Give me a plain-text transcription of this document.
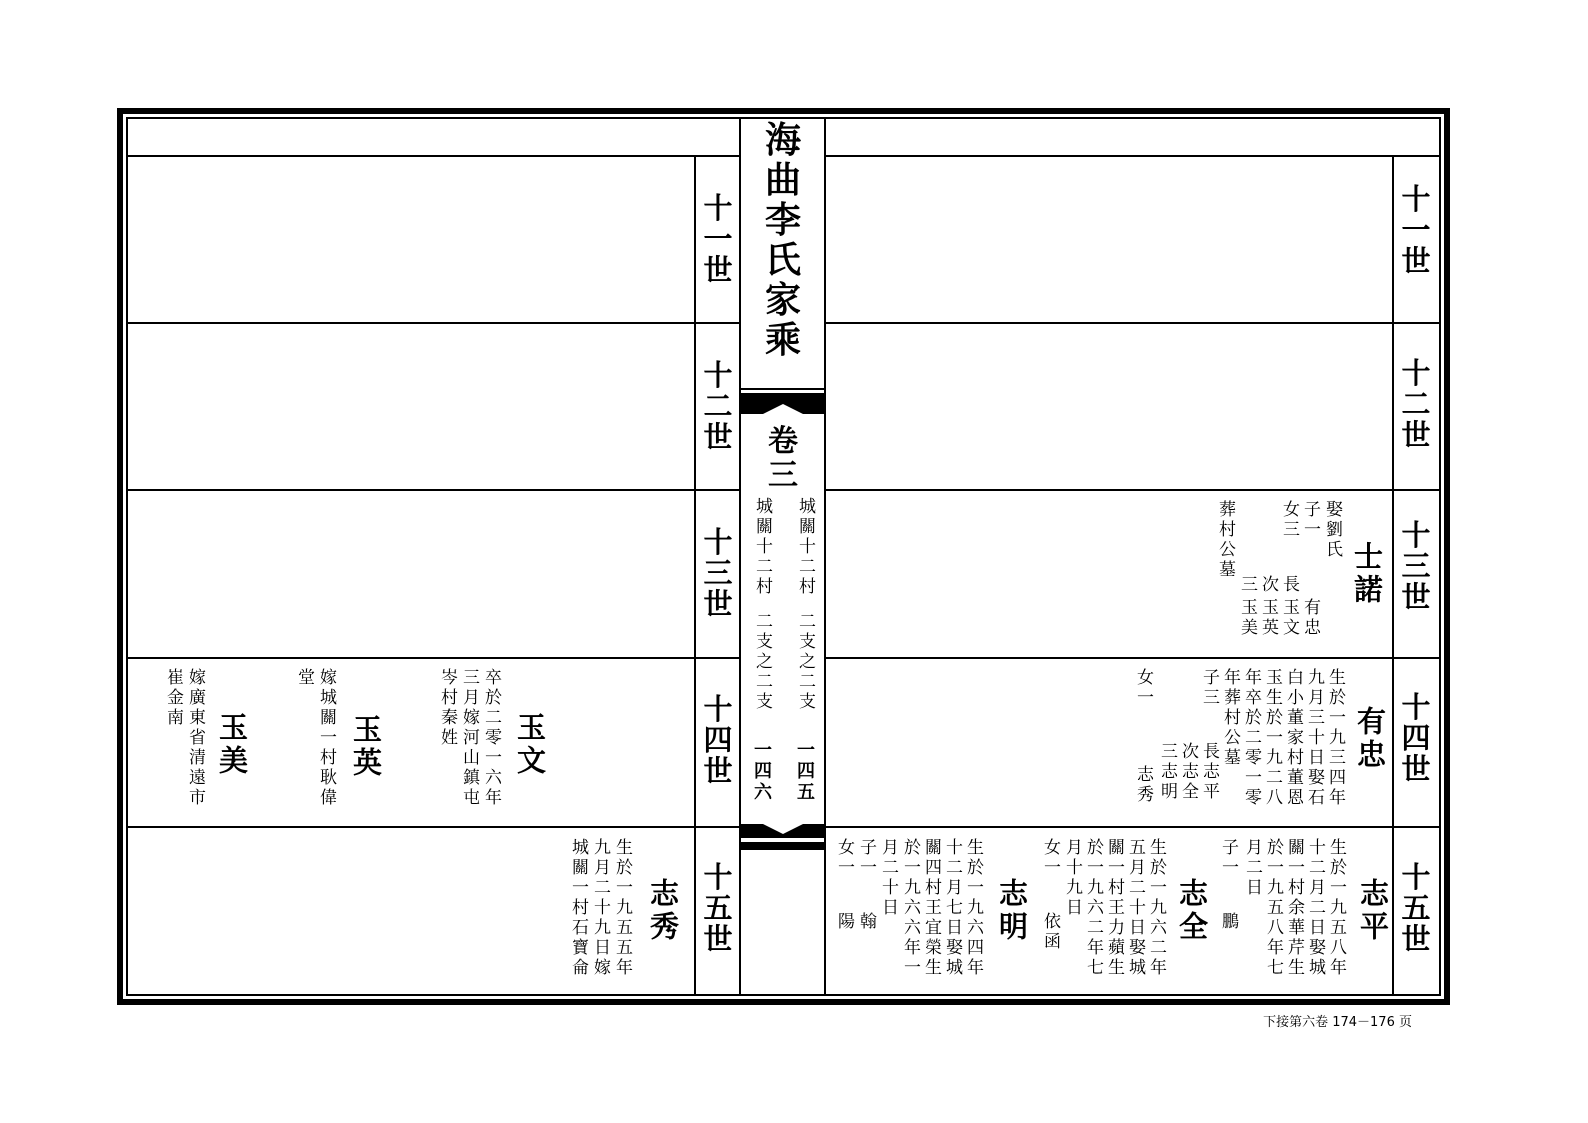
海
曲
李
氏
家
乘
卷
三
城關十二村
二支之二支
一四五
城關十二村
二支之二支
一四六
十
一
世
十
二
世
十
三
世
十
四
世
十
五
世
十
一
世
十
二
世
十
三
世
十
四
世
十
五
世
士諾
娶劉氏
子一
女三
葬村公墓
長
次
三
有忠
玉文
玉英
玉美
有忠
生於一九三四年
九月三十日娶石
白小董家村董恩
玉生於一九二八
年卒於二零一零
年葬村公墓
子三
女一
長志平
次志全
三志明
志秀
志平
生於一九五八年
十二月二日娶城
關一村余華芹生
於一九五八年七
月二日
子一
鵬
志全
生於一九六二年
五月二十日娶城
關一村王力蘋生
於一九六二年七
月十九日
女一
依函
志明
生於一九六四年
十二月七日娶城
關四村王宜榮生
於一九六六年一
月二十日
子一
女一
翰
陽
玉文
卒於二零一六年
三月嫁河山鎮屯
岑村秦姓
玉英
嫁城關一村耿偉
堂
玉美
嫁廣東省清遠市
崔金南
志秀
生於一九五五年
九月二十九日嫁
城關一村石寶侖
下接第六卷 174－176 页
